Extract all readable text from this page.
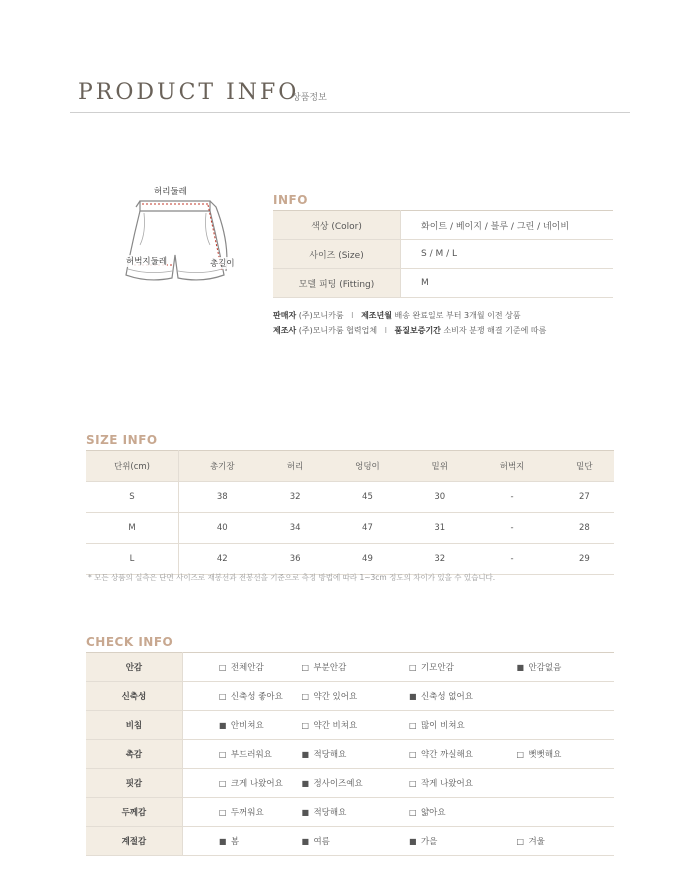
PRODUCT INFO
상품정보
허리둘레
허벅지둘레	총길이
INFO
색상 (Color)	화이트 / 베이지 / 블루 / 그린 / 네이비
사이즈 (Size)	S / M / L
모델 피팅 (Fitting)	M
판매자 (주)모니카룸 I 제조년월 배송 완료일로 부터 3개월 이전 상품
제조사 (주)모니카룸 협력업체 I 품질보증기간 소비자 분쟁 해결 기준에 따름
SIZE INFO
단위(cm)	총기장	허리	엉덩이	밑위	허벅지	밑단
S	38	32	45	30	-	27
M	40	34	47	31	-	28
L	42	36	49	32	-	29
* 모든 상품의 실측은 단면 사이즈로 재봉선과 전봉선을 기준으로 측정 방법에 따라 1~3cm 정도의 차이가 있을 수 있습니다.
CHECK INFO
안감	□ 전체안감	□ 부분안감	□ 기모안감	■ 안감없음
신축성	□ 신축성 좋아요	□ 약간 있어요	■ 신축성 없어요	
비침	■ 안비쳐요	□ 약간 비쳐요	□ 많이 비쳐요	
촉감	□ 부드러워요	■ 적당해요	□ 약간 까실해요	□ 뻣뻣해요
핏감	□ 크게 나왔어요	■ 정사이즈예요	□ 작게 나왔어요	
두께감	□ 두꺼워요	■ 적당해요	□ 얇아요	
계절감	■ 봄	■ 여름	■ 가을	□ 겨울
